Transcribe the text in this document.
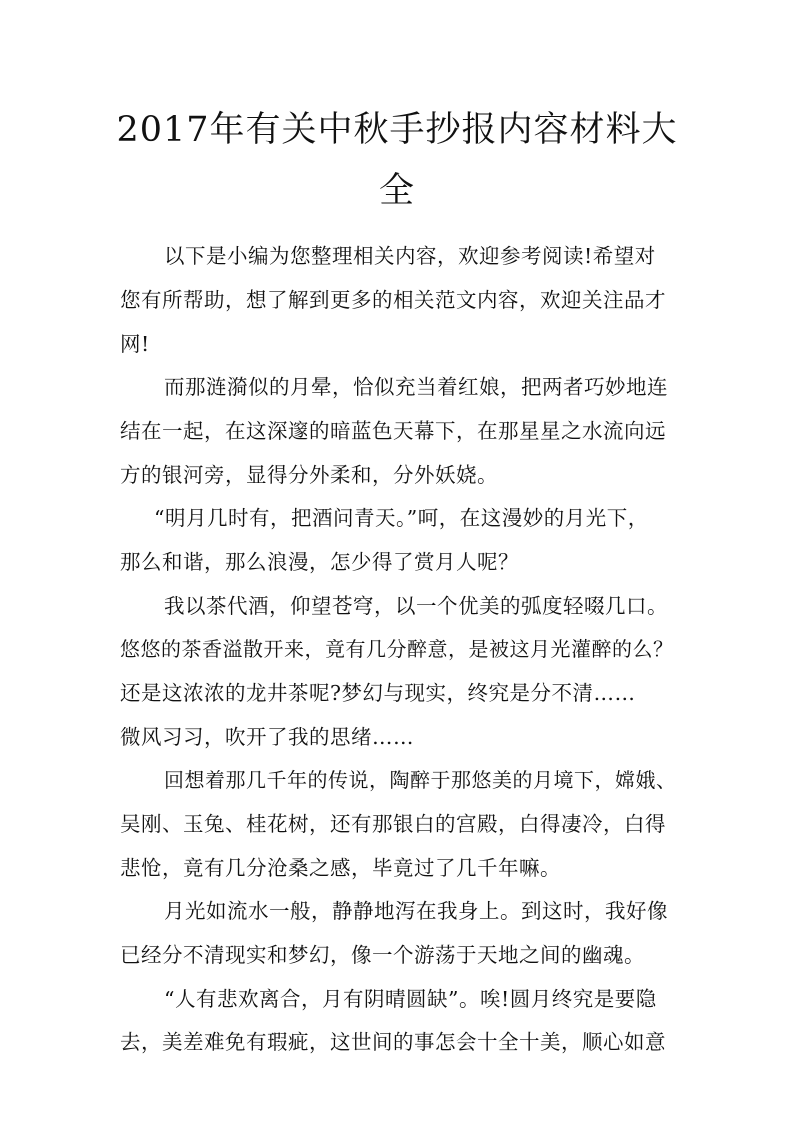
2017年有关中秋手抄报内容材料大
全
以下是小编为您整理相关内容，欢迎参考阅读!希望对
您有所帮助，想了解到更多的相关范文内容，欢迎关注品才
网!
而那涟漪似的月晕，恰似充当着红娘，把两者巧妙地连
结在一起，在这深邃的暗蓝色天幕下，在那星星之水流向远
方的银河旁，显得分外柔和，分外妖娆。
“明月几时有，把酒问青天。”呵，在这漫妙的月光下，
那么和谐，那么浪漫，怎少得了赏月人呢？
我以茶代酒，仰望苍穹，以一个优美的弧度轻啜几口。
悠悠的茶香溢散开来，竟有几分醉意，是被这月光灌醉的么？
还是这浓浓的龙井茶呢?梦幻与现实，终究是分不清……
微风习习，吹开了我的思绪……
回想着那几千年的传说，陶醉于那悠美的月境下，嫦娥、
吴刚、玉兔、桂花树，还有那银白的宫殿，白得凄冷，白得
悲怆，竟有几分沧桑之感，毕竟过了几千年嘛。
月光如流水一般，静静地泻在我身上。到这时，我好像
已经分不清现实和梦幻，像一个游荡于天地之间的幽魂。
“人有悲欢离合，月有阴晴圆缺”。唉!圆月终究是要隐
去，美差难免有瑕疵，这世间的事怎会十全十美，顺心如意
